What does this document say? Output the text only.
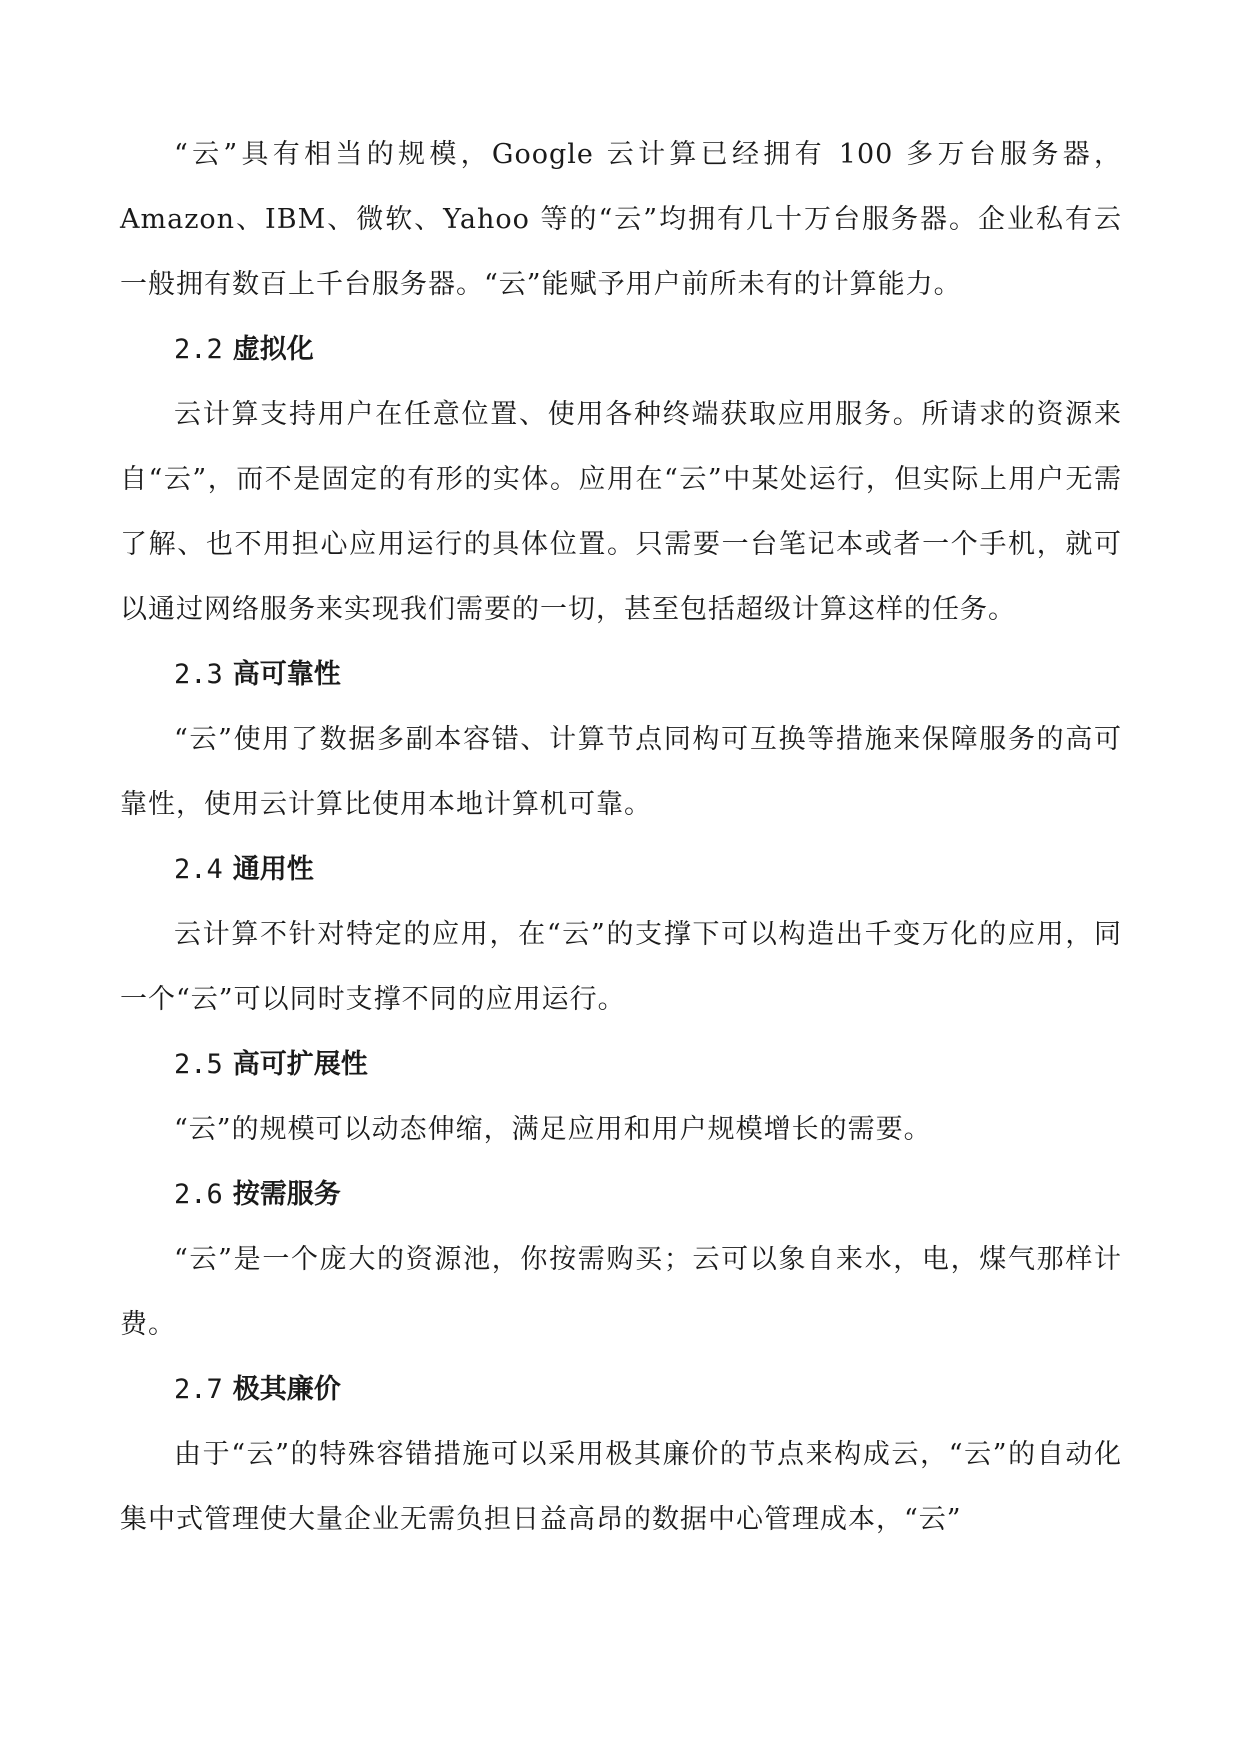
“云”具有相当的规模，Google 云计算已经拥有 100 多万台服务器，Amazon、IBM、微软、Yahoo 等的“云”均拥有几十万台服务器。企业私有云一般拥有数百上千台服务器。“云”能赋予用户前所未有的计算能力。

2.2 虚拟化

云计算支持用户在任意位置、使用各种终端获取应用服务。所请求的资源来自“云”，而不是固定的有形的实体。应用在“云”中某处运行，但实际上用户无需了解、也不用担心应用运行的具体位置。只需要一台笔记本或者一个手机，就可以通过网络服务来实现我们需要的一切，甚至包括超级计算这样的任务。

2.3 高可靠性

“云”使用了数据多副本容错、计算节点同构可互换等措施来保障服务的高可靠性，使用云计算比使用本地计算机可靠。

2.4 通用性

云计算不针对特定的应用，在“云”的支撑下可以构造出千变万化的应用，同一个“云”可以同时支撑不同的应用运行。

2.5 高可扩展性

“云”的规模可以动态伸缩，满足应用和用户规模增长的需要。

2.6 按需服务

“云”是一个庞大的资源池，你按需购买；云可以象自来水，电，煤气那样计费。

2.7 极其廉价

由于“云”的特殊容错措施可以采用极其廉价的节点来构成云，“云”的自动化集中式管理使大量企业无需负担日益高昂的数据中心管理成本，“云”
